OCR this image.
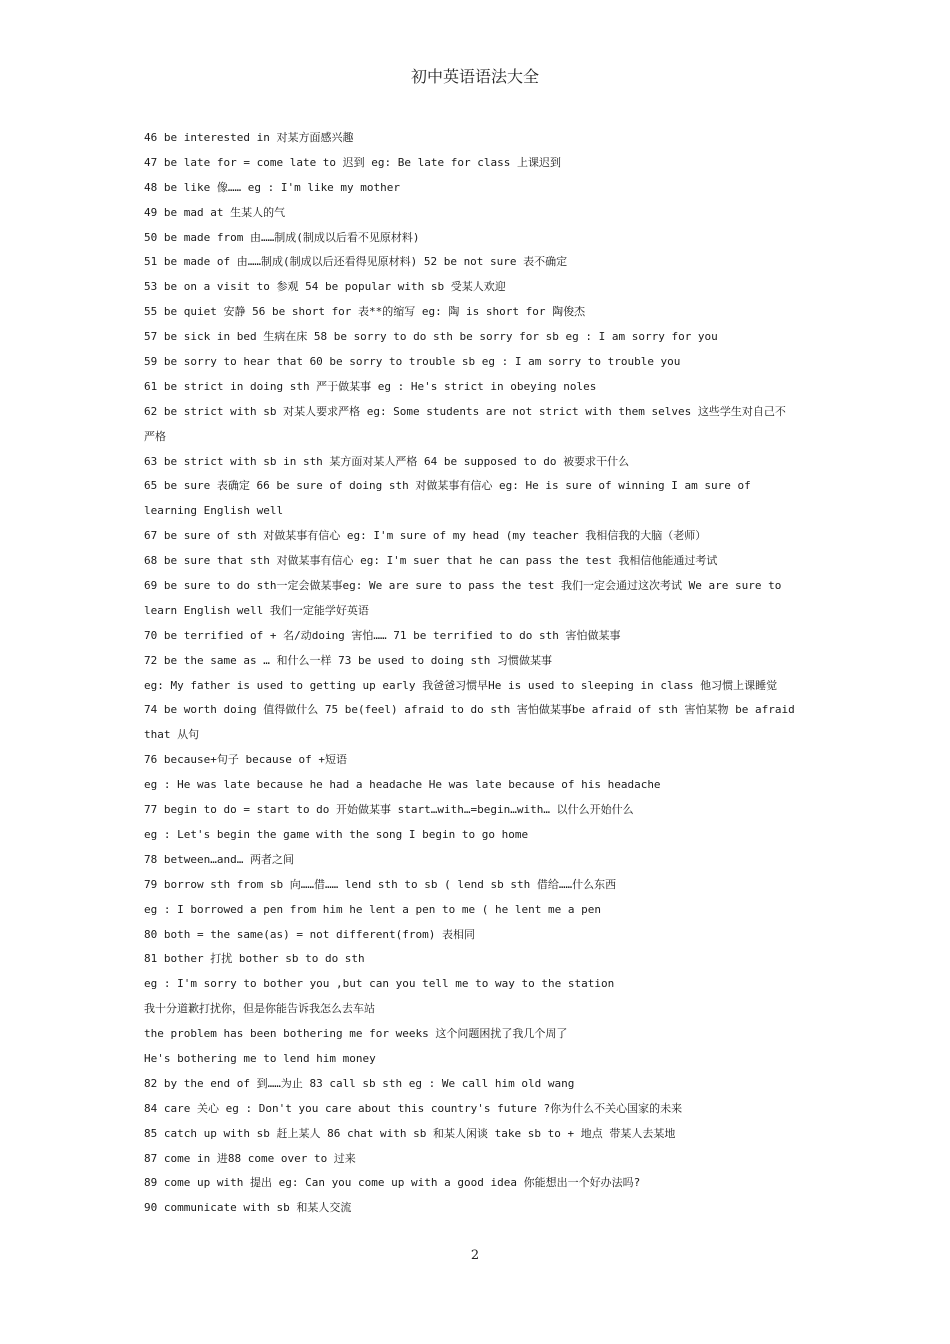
初中英语语法大全
46 be interested in 对某方面感兴趣
47 be late for = come late to 迟到 eg: Be late for class 上课迟到
48 be like 像…… eg : I'm like my mother
49 be mad at 生某人的气
50 be made from 由……制成(制成以后看不见原材料)
51 be made of 由……制成(制成以后还看得见原材料) 52 be not sure 表不确定
53 be on a visit to 参观 54 be popular with sb 受某人欢迎
55 be quiet 安静 56 be short for 表**的缩写 eg: 陶 is short for 陶俊杰
57 be sick in bed 生病在床 58 be sorry to do sth be sorry for sb eg : I am sorry for you
59 be sorry to hear that 60 be sorry to trouble sb eg : I am sorry to trouble you
61 be strict in doing sth 严于做某事 eg : He's strict in obeying noles
62 be strict with sb 对某人要求严格 eg: Some students are not strict with them selves 这些学生对自己不
严格
63 be strict with sb in sth 某方面对某人严格 64 be supposed to do 被要求干什么
65 be sure 表确定 66 be sure of doing sth 对做某事有信心 eg: He is sure of winning I am sure of
learning English well
67 be sure of sth 对做某事有信心 eg: I'm sure of my head (my teacher 我相信我的大脑（老师）
68 be sure that sth 对做某事有信心 eg: I'm suer that he can pass the test 我相信他能通过考试
69 be sure to do sth一定会做某事eg: We are sure to pass the test 我们一定会通过这次考试 We are sure to
learn English well 我们一定能学好英语
70 be terrified of + 名/动doing 害怕…… 71 be terrified to do sth 害怕做某事
72 be the same as … 和什么一样 73 be used to doing sth 习惯做某事
eg: My father is used to getting up early 我爸爸习惯早He is used to sleeping in class 他习惯上课睡觉
74 be worth doing 值得做什么 75 be(feel) afraid to do sth 害怕做某事be afraid of sth 害怕某物 be afraid
that 从句
76 because+句子 because of +短语
eg : He was late because he had a headache He was late because of his headache
77 begin to do = start to do 开始做某事 start…with…=begin…with… 以什么开始什么
eg : Let's begin the game with the song I begin to go home
78 between…and… 两者之间
79 borrow sth from sb 向……借…… lend sth to sb ( lend sb sth 借给……什么东西
eg : I borrowed a pen from him he lent a pen to me ( he lent me a pen
80 both = the same(as) = not different(from) 表相同
81 bother 打扰 bother sb to do sth
eg : I'm sorry to bother you ,but can you tell me to way to the station
我十分道歉打扰你，但是你能告诉我怎么去车站
the problem has been bothering me for weeks 这个问题困扰了我几个周了
He's bothering me to lend him money
82 by the end of 到……为止 83 call sb sth eg : We call him old wang
84 care 关心 eg : Don't you care about this country's future ?你为什么不关心国家的未来
85 catch up with sb 赶上某人 86 chat with sb 和某人闲谈 take sb to + 地点 带某人去某地
87 come in 进88 come over to 过来
89 come up with 提出 eg: Can you come up with a good idea 你能想出一个好办法吗?
90 communicate with sb 和某人交流
2
